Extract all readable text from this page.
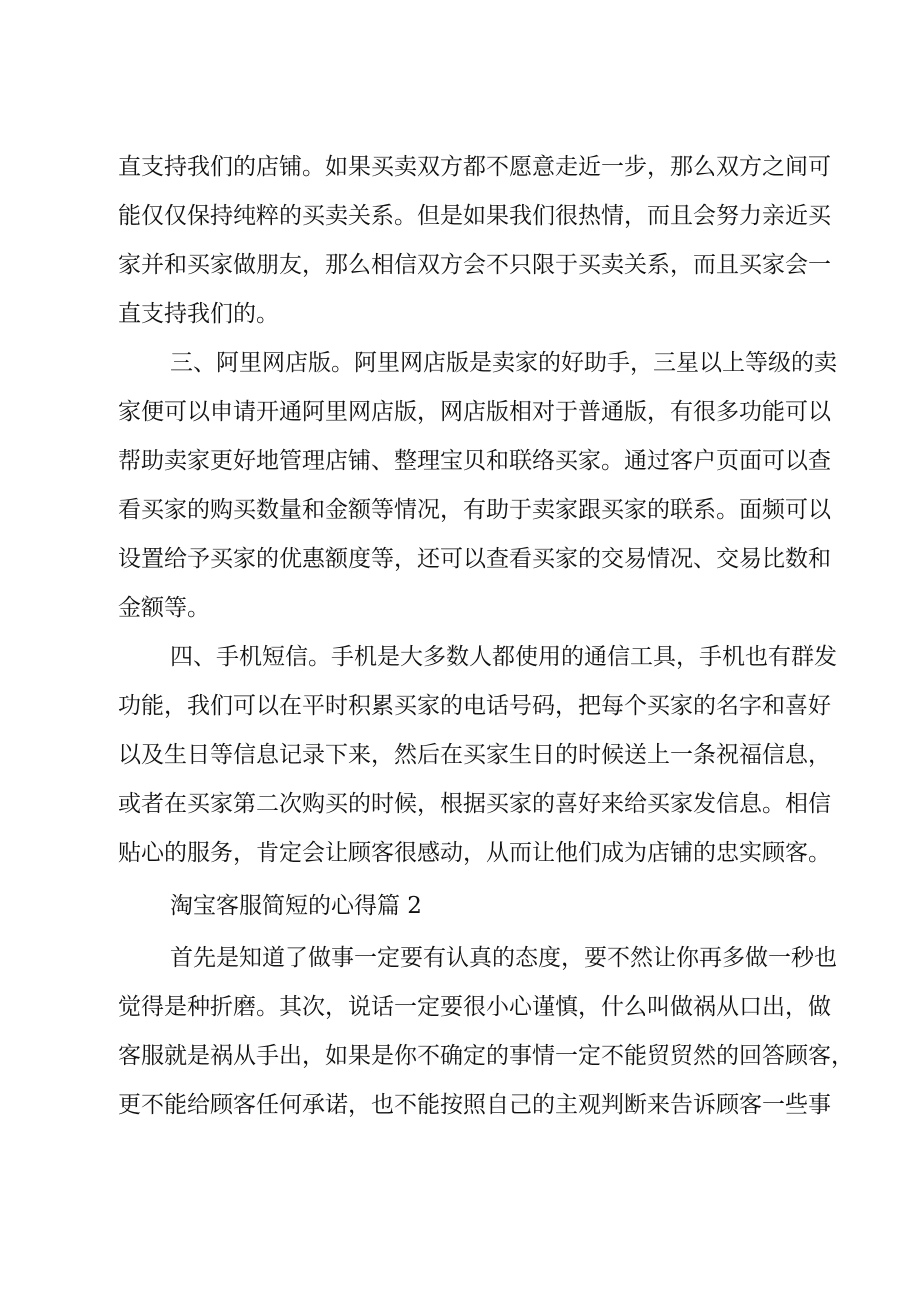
直支持我们的店铺。如果买卖双方都不愿意走近一步，那么双方之间可
能仅仅保持纯粹的买卖关系。但是如果我们很热情，而且会努力亲近买
家并和买家做朋友，那么相信双方会不只限于买卖关系，而且买家会一
直支持我们的。
三、阿里网店版。阿里网店版是卖家的好助手，三星以上等级的卖
家便可以申请开通阿里网店版，网店版相对于普通版，有很多功能可以
帮助卖家更好地管理店铺、整理宝贝和联络买家。通过客户页面可以查
看买家的购买数量和金额等情况，有助于卖家跟买家的联系。面频可以
设置给予买家的优惠额度等，还可以查看买家的交易情况、交易比数和
金额等。
四、手机短信。手机是大多数人都使用的通信工具，手机也有群发
功能，我们可以在平时积累买家的电话号码，把每个买家的名字和喜好
以及生日等信息记录下来，然后在买家生日的时候送上一条祝福信息，
或者在买家第二次购买的时候，根据买家的喜好来给买家发信息。相信
贴心的服务，肯定会让顾客很感动，从而让他们成为店铺的忠实顾客。
淘宝客服简短的心得篇 2
首先是知道了做事一定要有认真的态度，要不然让你再多做一秒也
觉得是种折磨。其次，说话一定要很小心谨慎，什么叫做祸从口出，做
客服就是祸从手出，如果是你不确定的事情一定不能贸贸然的回答顾客，
更不能给顾客任何承诺，也不能按照自己的主观判断来告诉顾客一些事
